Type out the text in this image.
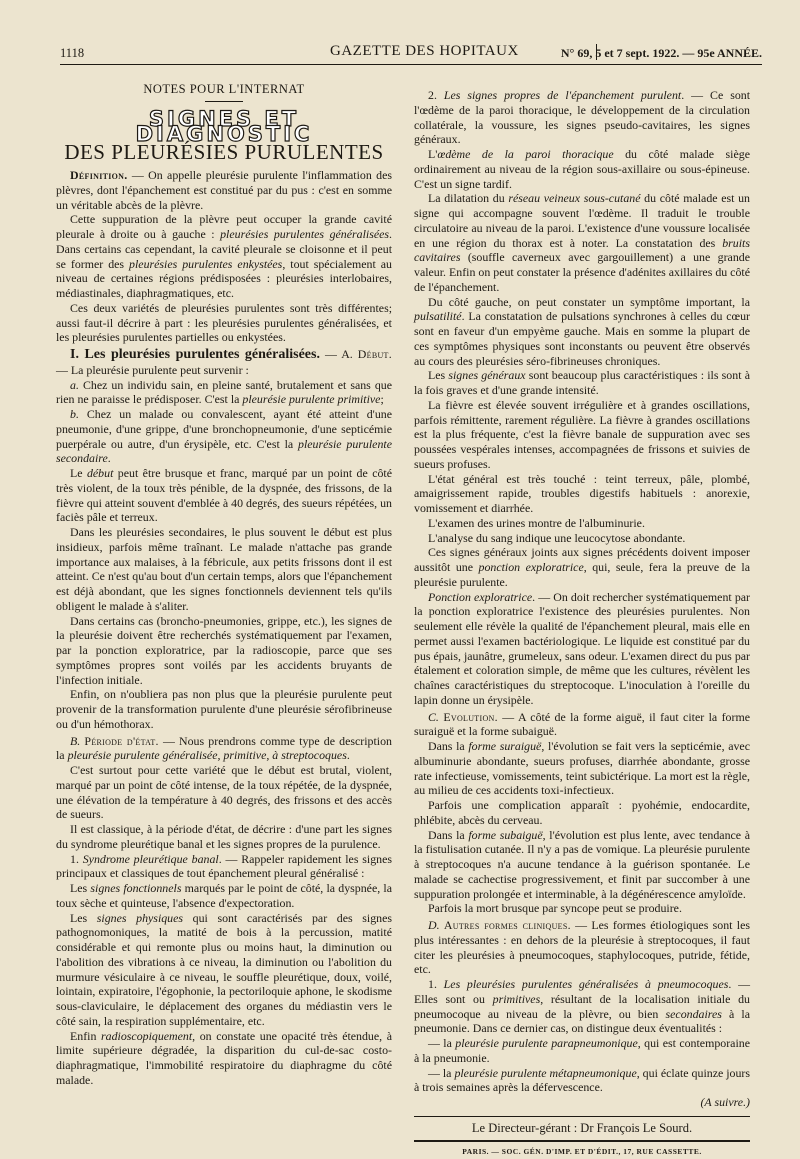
1118	GAZETTE DES HOPITAUX	N° 69, 5 et 7 sept. 1922. — 95e ANNÉE.
NOTES POUR L'INTERNAT
SIGNES ET DIAGNOSTIC
DES PLEURÉSIES PURULENTES

Définition. — On appelle pleurésie purulente l'inflammation des plèvres, dont l'épanchement est constitué par du pus : c'est en somme un véritable abcès de la plèvre.

Cette suppuration de la plèvre peut occuper la grande cavité pleurale à droite ou à gauche : pleurésies purulentes généralisées. Dans certains cas cependant, la cavité pleurale se cloisonne et il peut se former des pleurésies purulentes enkystées, tout spécialement au niveau de certaines régions prédisposées : pleurésies interlobaires, médiastinales, diaphragmatiques, etc.

Ces deux variétés de pleurésies purulentes sont très différentes; aussi faut-il décrire à part : les pleurésies purulentes généralisées, et les pleurésies purulentes partielles ou enkystées.

I. Les pleurésies purulentes généralisées. — A. Début. — La pleurésie purulente peut survenir :

a. Chez un individu sain, en pleine santé, brutalement et sans que rien ne paraisse le prédisposer. C'est la pleurésie purulente primitive;

b. Chez un malade ou convalescent, ayant été atteint d'une pneumonie, d'une grippe, d'une bronchopneumonie, d'une septicémie puerpérale ou autre, d'un érysipèle, etc. C'est la pleurésie purulente secondaire.

Le début peut être brusque et franc, marqué par un point de côté très violent, de la toux très pénible, de la dyspnée, des frissons, de la fièvre qui atteint souvent d'emblée à 40 degrés, des sueurs répétées, un faciès pâle et terreux.

Dans les pleurésies secondaires, le plus souvent le début est plus insidieux, parfois même traînant. Le malade n'attache pas grande importance aux malaises, à la fébricule, aux petits frissons dont il est atteint. Ce n'est qu'au bout d'un certain temps, alors que l'épanchement est déjà abondant, que les signes fonctionnels deviennent tels qu'ils obligent le malade à s'aliter.

Dans certains cas (broncho-pneumonies, grippe, etc.), les signes de la pleurésie doivent être recherchés systématiquement par l'examen, par la ponction exploratrice, par la radioscopie, parce que ses symptômes propres sont voilés par les accidents bruyants de l'infection initiale.

Enfin, on n'oubliera pas non plus que la pleurésie purulente peut provenir de la transformation purulente d'une pleurésie sérofibrineuse ou d'un hémothorax.

B. Période d'état. — Nous prendrons comme type de description la pleurésie purulente généralisée, primitive, à streptocoques.

C'est surtout pour cette variété que le début est brutal, violent, marqué par un point de côté intense, de la toux répétée, de la dyspnée, une élévation de la température à 40 degrés, des frissons et des accès de sueurs.

Il est classique, à la période d'état, de décrire : d'une part les signes du syndrome pleurétique banal et les signes propres de la purulence.

1. Syndrome pleurétique banal. — Rappeler rapidement les signes principaux et classiques de tout épanchement pleural généralisé :

Les signes fonctionnels marqués par le point de côté, la dyspnée, la toux sèche et quinteuse, l'absence d'expectoration.

Les signes physiques qui sont caractérisés par des signes pathognomoniques, la matité de bois à la percussion, matité considérable et qui remonte plus ou moins haut, la diminution ou l'abolition des vibrations à ce niveau, la diminution ou l'abolition du murmure vésiculaire à ce niveau, le souffle pleurétique, doux, voilé, lointain, expiratoire, l'égophonie, la pectoriloquie aphone, le skodisme sous-claviculaire, le déplacement des organes du médiastin vers le côté sain, la respiration supplémentaire, etc.

Enfin radioscopiquement, on constate une opacité très étendue, à limite supérieure dégradée, la disparition du cul-de-sac costo-diaphragmatique, l'immobilité respiratoire du diaphragme du côté malade.

2. Les signes propres de l'épanchement purulent. — Ce sont l'œdème de la paroi thoracique, le développement de la circulation collatérale, la voussure, les signes pseudo-cavitaires, les signes généraux.

L'œdème de la paroi thoracique du côté malade siège ordinairement au niveau de la région sous-axillaire ou sous-épineuse. C'est un signe tardif.

La dilatation du réseau veineux sous-cutané du côté malade est un signe qui accompagne souvent l'œdème. Il traduit le trouble circulatoire au niveau de la paroi. L'existence d'une voussure localisée en une région du thorax est à noter. La constatation des bruits cavitaires (souffle caverneux avec gargouillement) a une grande valeur. Enfin on peut constater la présence d'adénites axillaires du côté de l'épanchement.

Du côté gauche, on peut constater un symptôme important, la pulsatilité. La constatation de pulsations synchrones à celles du cœur sont en faveur d'un empyème gauche. Mais en somme la plupart de ces symptômes physiques sont inconstants ou peuvent être observés au cours des pleurésies séro-fibrineuses chroniques.

Les signes généraux sont beaucoup plus caractéristiques : ils sont à la fois graves et d'une grande intensité.

La fièvre est élevée souvent irrégulière et à grandes oscillations, parfois rémittente, rarement régulière. La fièvre à grandes oscillations est la plus fréquente, c'est la fièvre banale de suppuration avec ses poussées vespérales intenses, accompagnées de frissons et suivies de sueurs profuses.

L'état général est très touché : teint terreux, pâle, plombé, amaigrissement rapide, troubles digestifs habituels : anorexie, vomissement et diarrhée.

L'examen des urines montre de l'albuminurie.

L'analyse du sang indique une leucocytose abondante.

Ces signes généraux joints aux signes précédents doivent imposer aussitôt une ponction exploratrice, qui, seule, fera la preuve de la pleurésie purulente.

Ponction exploratrice. — On doit rechercher systématiquement par la ponction exploratrice l'existence des pleurésies purulentes. Non seulement elle révèle la qualité de l'épanchement pleural, mais elle en permet aussi l'examen bactériologique. Le liquide est constitué par du pus épais, jaunâtre, grumeleux, sans odeur. L'examen direct du pus par étalement et coloration simple, de même que les cultures, révèlent les chaînes caractéristiques du streptocoque. L'inoculation à l'oreille du lapin donne un érysipèle.

C. Evolution. — A côté de la forme aiguë, il faut citer la forme suraiguë et la forme subaiguë.

Dans la forme suraiguë, l'évolution se fait vers la septicémie, avec albuminurie abondante, sueurs profuses, diarrhée abondante, grosse rate infectieuse, vomissements, teint subictérique. La mort est la règle, au milieu de ces accidents toxi-infectieux.

Parfois une complication apparaît : pyohémie, endocardite, phlébite, abcès du cerveau.

Dans la forme subaiguë, l'évolution est plus lente, avec tendance à la fistulisation cutanée. Il n'y a pas de vomique. La pleurésie purulente à streptocoques n'a aucune tendance à la guérison spontanée. Le malade se cachectise progressivement, et finit par succomber à une suppuration prolongée et interminable, à la dégénérescence amyloïde.

Parfois la mort brusque par syncope peut se produire.

D. Autres formes cliniques. — Les formes étiologiques sont les plus intéressantes : en dehors de la pleurésie à streptocoques, il faut citer les pleurésies à pneumocoques, staphylocoques, putride, fétide, etc.

1. Les pleurésies purulentes généralisées à pneumocoques. — Elles sont ou primitives, résultant de la localisation initiale du pneumocoque au niveau de la plèvre, ou bien secondaires à la pneumonie. Dans ce dernier cas, on distingue deux éventualités :

— la pleurésie purulente parapneumonique, qui est contemporaine à la pneumonie.

— la pleurésie purulente métapneumonique, qui éclate quinze jours à trois semaines après la défervescence.

(A suivre.)

Le Directeur-gérant : Dr François Le Sourd.
PARIS. — SOC. GÉN. D'IMP. ET D'ÉDIT., 17, RUE CASSETTE.
